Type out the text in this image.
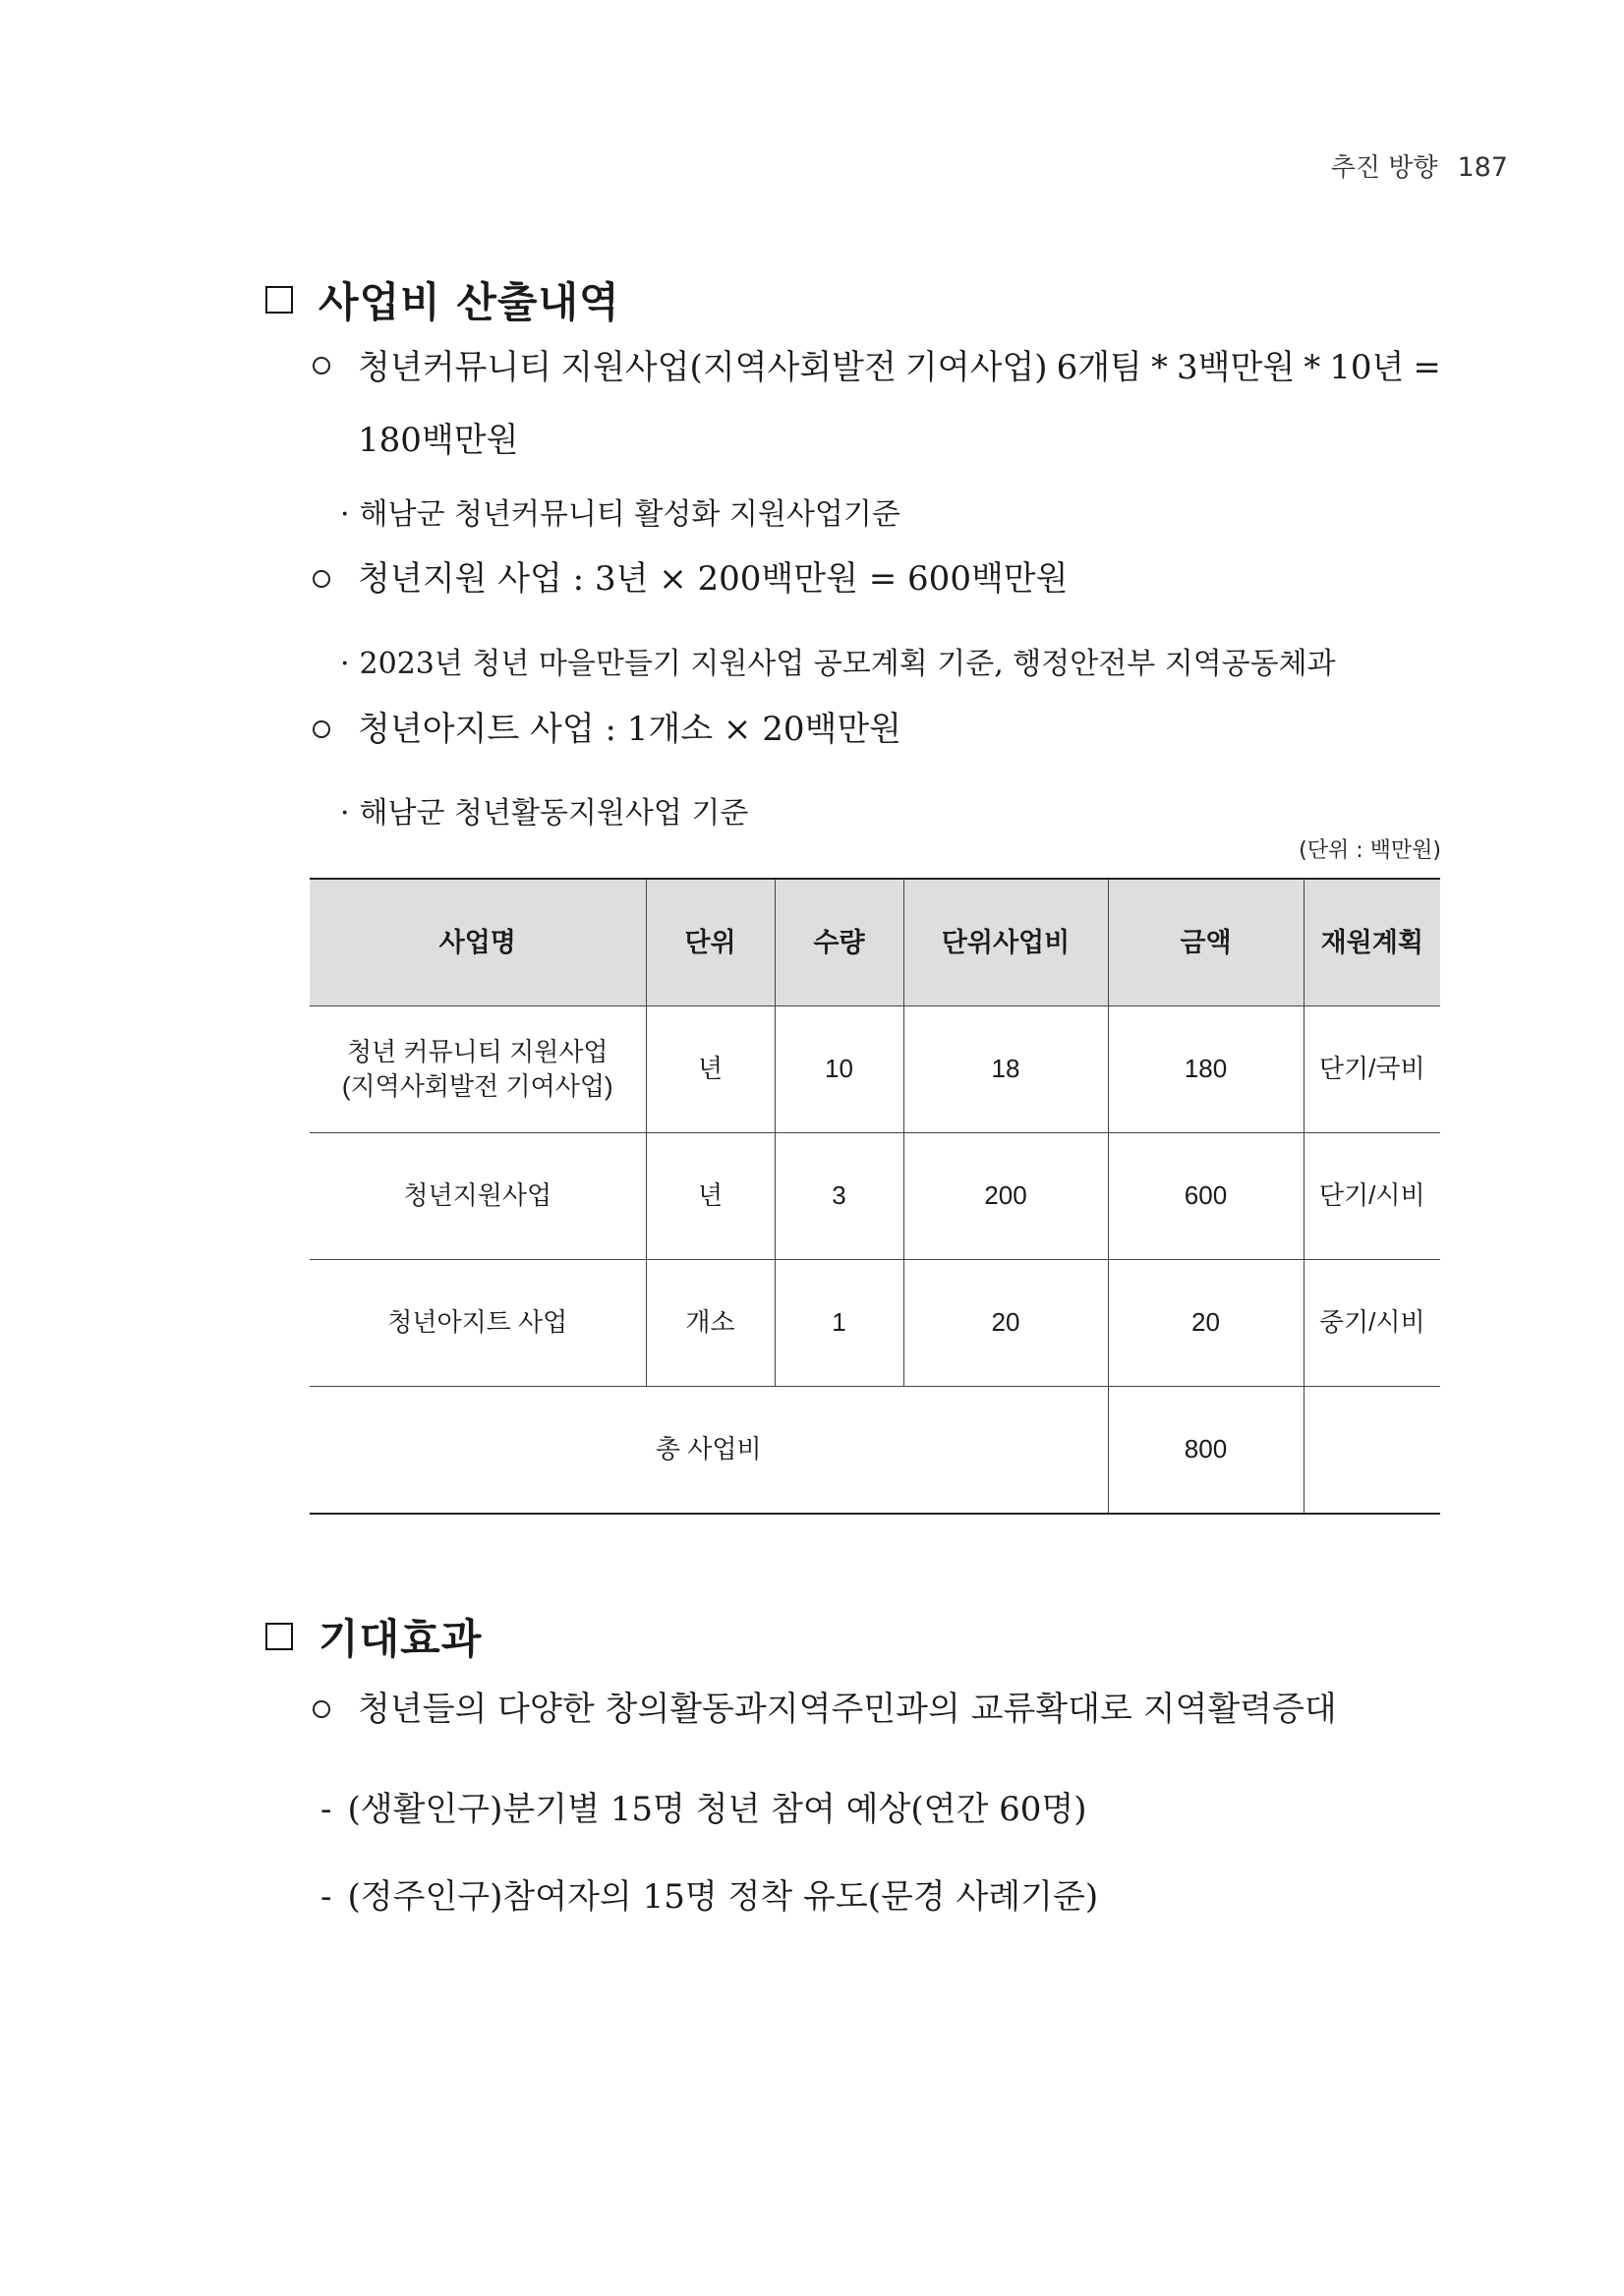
추진 방향 187
사업비 산출내역
청년커뮤니티 지원사업(지역사회발전 기여사업) 6개팀 * 3백만원 * 10년 =
180백만원
· 해남군 청년커뮤니티 활성화 지원사업기준
청년지원 사업 : 3년 × 200백만원 = 600백만원
· 2023년 청년 마을만들기 지원사업 공모계획 기준, 행정안전부 지역공동체과
청년아지트 사업 : 1개소 × 20백만원
· 해남군 청년활동지원사업 기준
(단위 : 백만원)
사업명	단위	수량	단위사업비	금액	재원계획

청년 커뮤니티 지원사업
(지역사회발전 기여사업)	년	10	18	180	단기/국비
청년지원사업	년	3	200	600	단기/시비
청년아지트 사업	개소	1	20	20	중기/시비
총 사업비				800	
기대효과
청년들의 다양한 창의활동과지역주민과의 교류확대로 지역활력증대
- (생활인구)분기별 15명 청년 참여 예상(연간 60명)
- (정주인구)참여자의 15명 정착 유도(문경 사례기준)
